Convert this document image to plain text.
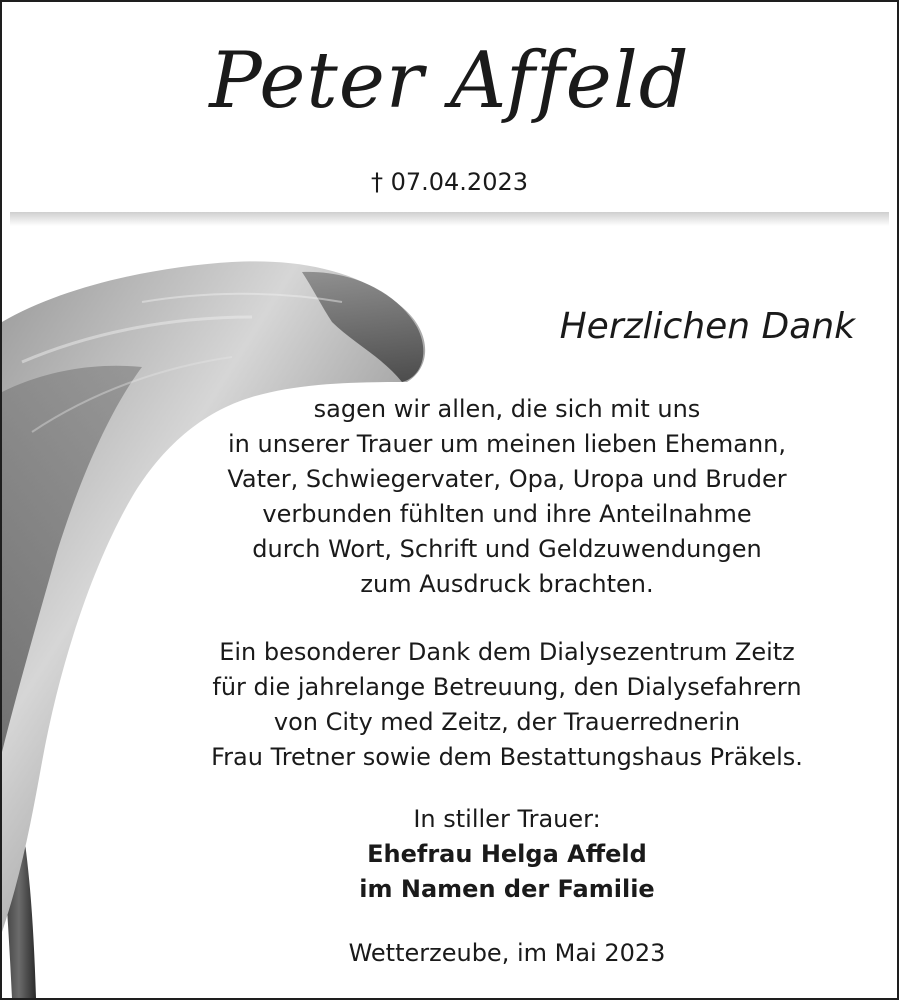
Peter Affeld
† 07.04.2023
Herzlichen Dank
sagen wir allen, die sich mit uns
in unserer Trauer um meinen lieben Ehemann,
Vater, Schwiegervater, Opa, Uropa und Bruder
verbunden fühlten und ihre Anteilnahme
durch Wort, Schrift und Geldzuwendungen
zum Ausdruck brachten.
Ein besonderer Dank dem Dialysezentrum Zeitz
für die jahrelange Betreuung, den Dialysefahrern
von City med Zeitz, der Trauerrednerin
Frau Tretner sowie dem Bestattungshaus Präkels.
In stiller Trauer:
Ehefrau Helga Affeld
im Namen der Familie
Wetterzeube, im Mai 2023
